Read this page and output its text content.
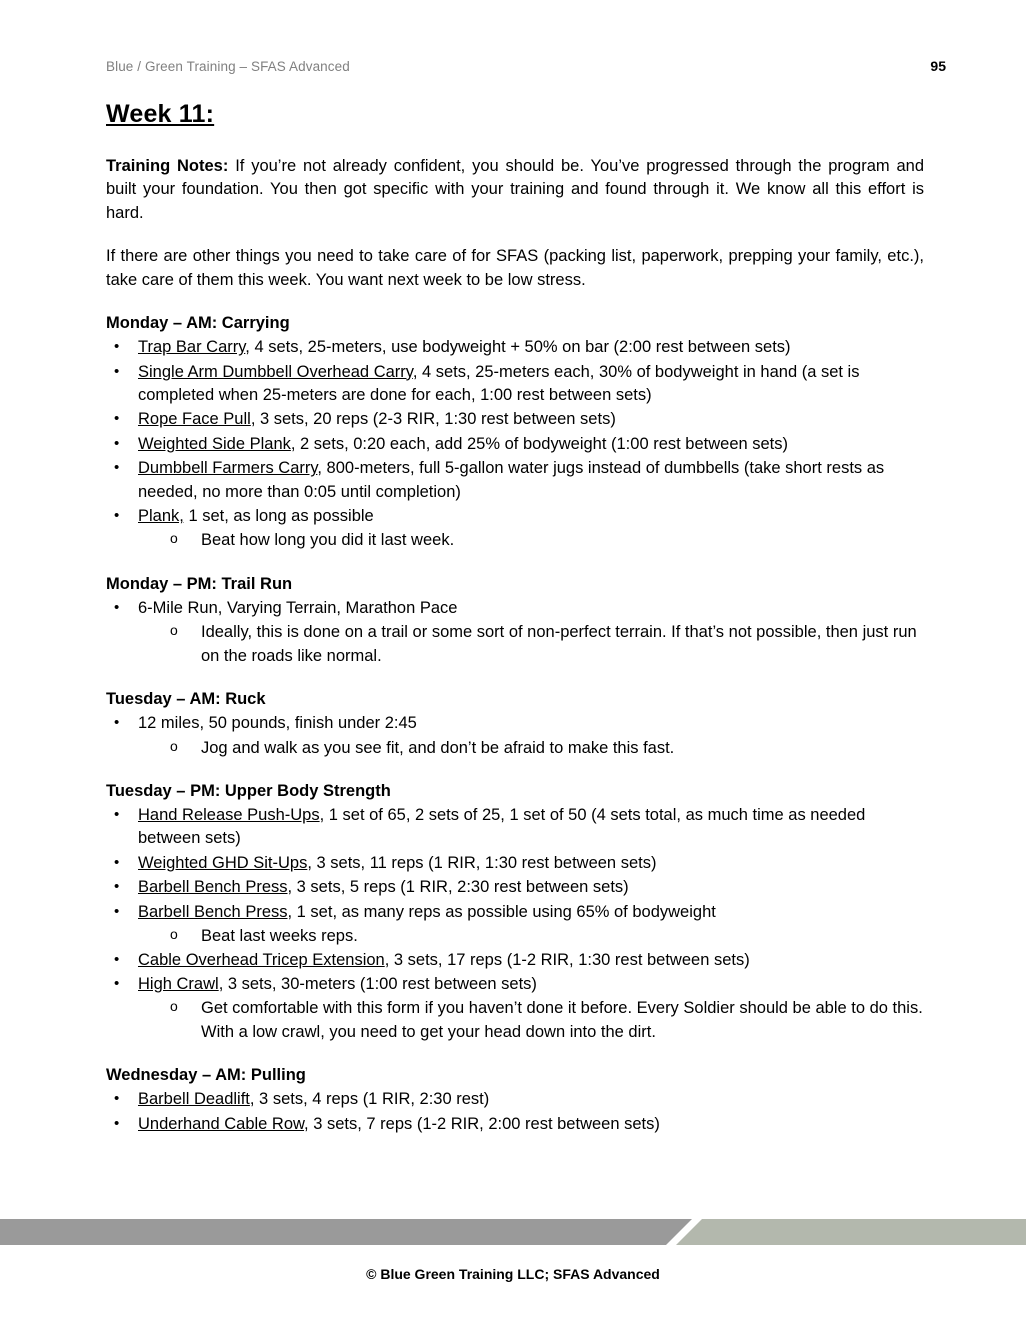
Blue / Green Training – SFAS Advanced	95
Week 11:

Training Notes: If you’re not already confident, you should be. You’ve progressed through the program and built your foundation. You then got specific with your training and found through it. We know all this effort is hard.

If there are other things you need to take care of for SFAS (packing list, paperwork, prepping your family, etc.), take care of them this week. You want next week to be low stress.

Monday – AM: Carrying
• Trap Bar Carry, 4 sets, 25-meters, use bodyweight + 50% on bar (2:00 rest between sets)
• Single Arm Dumbbell Overhead Carry, 4 sets, 25-meters each, 30% of bodyweight in hand (a set is completed when 25-meters are done for each, 1:00 rest between sets)
• Rope Face Pull, 3 sets, 20 reps (2-3 RIR, 1:30 rest between sets)
• Weighted Side Plank, 2 sets, 0:20 each, add 25% of bodyweight (1:00 rest between sets)
• Dumbbell Farmers Carry, 800-meters, full 5-gallon water jugs instead of dumbbells (take short rests as needed, no more than 0:05 until completion)
• Plank, 1 set, as long as possible
o Beat how long you did it last week.
Monday – PM: Trail Run
• 6-Mile Run, Varying Terrain, Marathon Pace
o Ideally, this is done on a trail or some sort of non-perfect terrain. If that’s not possible, then just run on the roads like normal.
Tuesday – AM: Ruck
• 12 miles, 50 pounds, finish under 2:45
o Jog and walk as you see fit, and don’t be afraid to make this fast.
Tuesday – PM: Upper Body Strength
• Hand Release Push-Ups, 1 set of 65, 2 sets of 25, 1 set of 50 (4 sets total, as much time as needed between sets)
• Weighted GHD Sit-Ups, 3 sets, 11 reps (1 RIR, 1:30 rest between sets)
• Barbell Bench Press, 3 sets, 5 reps (1 RIR, 2:30 rest between sets)
• Barbell Bench Press, 1 set, as many reps as possible using 65% of bodyweight
o Beat last weeks reps.
• Cable Overhead Tricep Extension, 3 sets, 17 reps (1-2 RIR, 1:30 rest between sets)
• High Crawl, 3 sets, 30-meters (1:00 rest between sets)
o Get comfortable with this form if you haven’t done it before. Every Soldier should be able to do this. With a low crawl, you need to get your head down into the dirt.
Wednesday – AM: Pulling
• Barbell Deadlift, 3 sets, 4 reps (1 RIR, 2:30 rest)
• Underhand Cable Row, 3 sets, 7 reps (1-2 RIR, 2:00 rest between sets)
© Blue Green Training LLC; SFAS Advanced
